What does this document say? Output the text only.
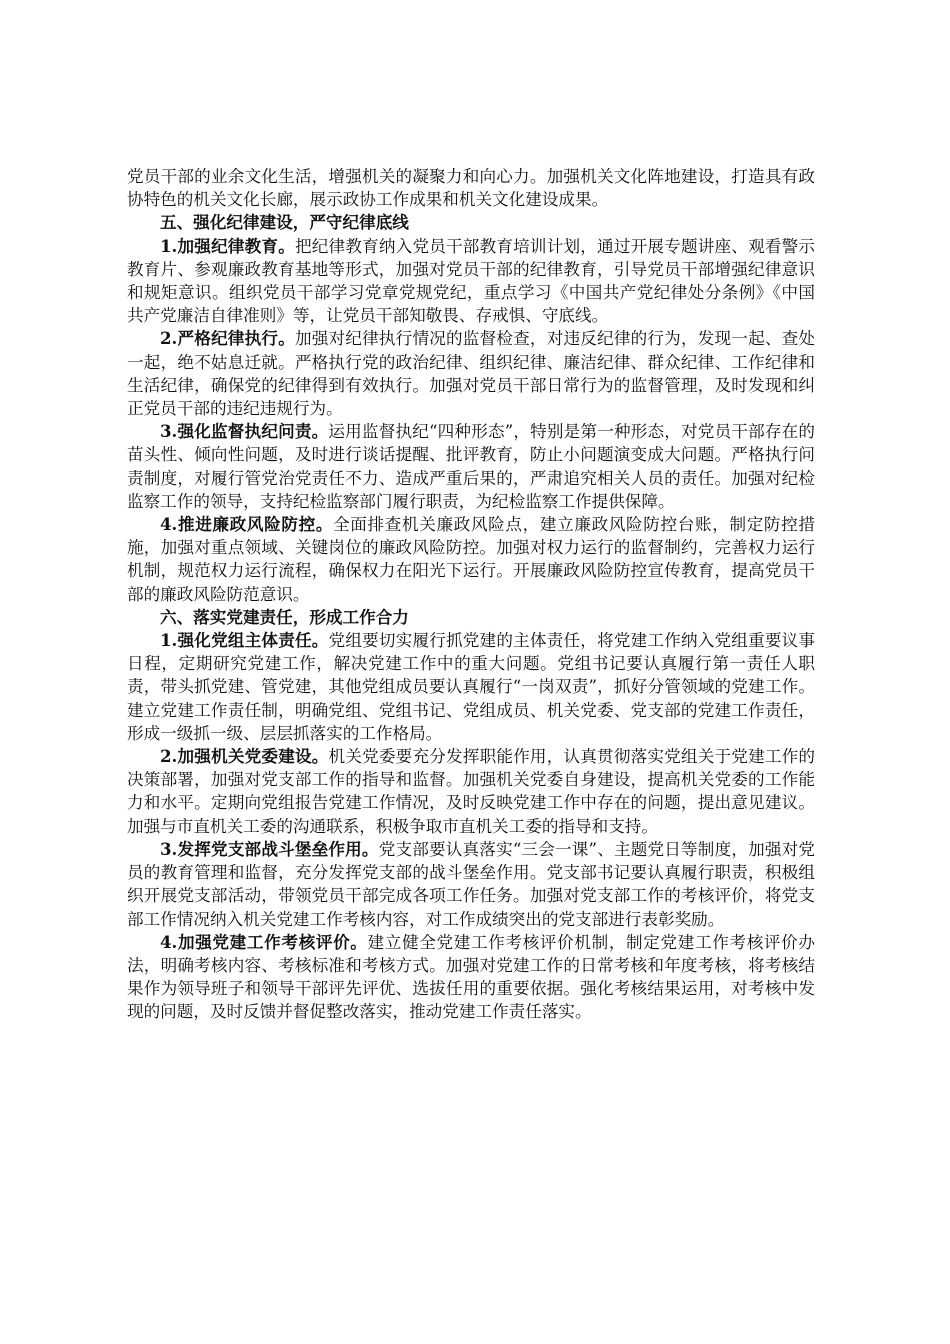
党员干部的业余文化生活，增强机关的凝聚力和向心力。加强机关文化阵地建设，打造具有政协特色的机关文化长廊，展示政协工作成果和机关文化建设成果。

五、强化纪律建设，严守纪律底线

1.加强纪律教育。把纪律教育纳入党员干部教育培训计划，通过开展专题讲座、观看警示教育片、参观廉政教育基地等形式，加强对党员干部的纪律教育，引导党员干部增强纪律意识和规矩意识。组织党员干部学习党章党规党纪，重点学习《中国共产党纪律处分条例》《中国共产党廉洁自律准则》等，让党员干部知敬畏、存戒惧、守底线。

2.严格纪律执行。加强对纪律执行情况的监督检查，对违反纪律的行为，发现一起、查处一起，绝不姑息迁就。严格执行党的政治纪律、组织纪律、廉洁纪律、群众纪律、工作纪律和生活纪律，确保党的纪律得到有效执行。加强对党员干部日常行为的监督管理，及时发现和纠正党员干部的违纪违规行为。

3.强化监督执纪问责。运用监督执纪“四种形态”，特别是第一种形态，对党员干部存在的苗头性、倾向性问题，及时进行谈话提醒、批评教育，防止小问题演变成大问题。严格执行问责制度，对履行管党治党责任不力、造成严重后果的，严肃追究相关人员的责任。加强对纪检监察工作的领导，支持纪检监察部门履行职责，为纪检监察工作提供保障。

4.推进廉政风险防控。全面排查机关廉政风险点，建立廉政风险防控台账，制定防控措施，加强对重点领域、关键岗位的廉政风险防控。加强对权力运行的监督制约，完善权力运行机制，规范权力运行流程，确保权力在阳光下运行。开展廉政风险防控宣传教育，提高党员干部的廉政风险防范意识。

六、落实党建责任，形成工作合力

1.强化党组主体责任。党组要切实履行抓党建的主体责任，将党建工作纳入党组重要议事日程，定期研究党建工作，解决党建工作中的重大问题。党组书记要认真履行第一责任人职责，带头抓党建、管党建，其他党组成员要认真履行“一岗双责”，抓好分管领域的党建工作。建立党建工作责任制，明确党组、党组书记、党组成员、机关党委、党支部的党建工作责任，形成一级抓一级、层层抓落实的工作格局。

2.加强机关党委建设。机关党委要充分发挥职能作用，认真贯彻落实党组关于党建工作的决策部署，加强对党支部工作的指导和监督。加强机关党委自身建设，提高机关党委的工作能力和水平。定期向党组报告党建工作情况，及时反映党建工作中存在的问题，提出意见建议。加强与市直机关工委的沟通联系，积极争取市直机关工委的指导和支持。

3.发挥党支部战斗堡垒作用。党支部要认真落实“三会一课”、主题党日等制度，加强对党员的教育管理和监督，充分发挥党支部的战斗堡垒作用。党支部书记要认真履行职责，积极组织开展党支部活动，带领党员干部完成各项工作任务。加强对党支部工作的考核评价，将党支部工作情况纳入机关党建工作考核内容，对工作成绩突出的党支部进行表彰奖励。

4.加强党建工作考核评价。建立健全党建工作考核评价机制，制定党建工作考核评价办法，明确考核内容、考核标准和考核方式。加强对党建工作的日常考核和年度考核，将考核结果作为领导班子和领导干部评先评优、选拔任用的重要依据。强化考核结果运用，对考核中发现的问题，及时反馈并督促整改落实，推动党建工作责任落实。
